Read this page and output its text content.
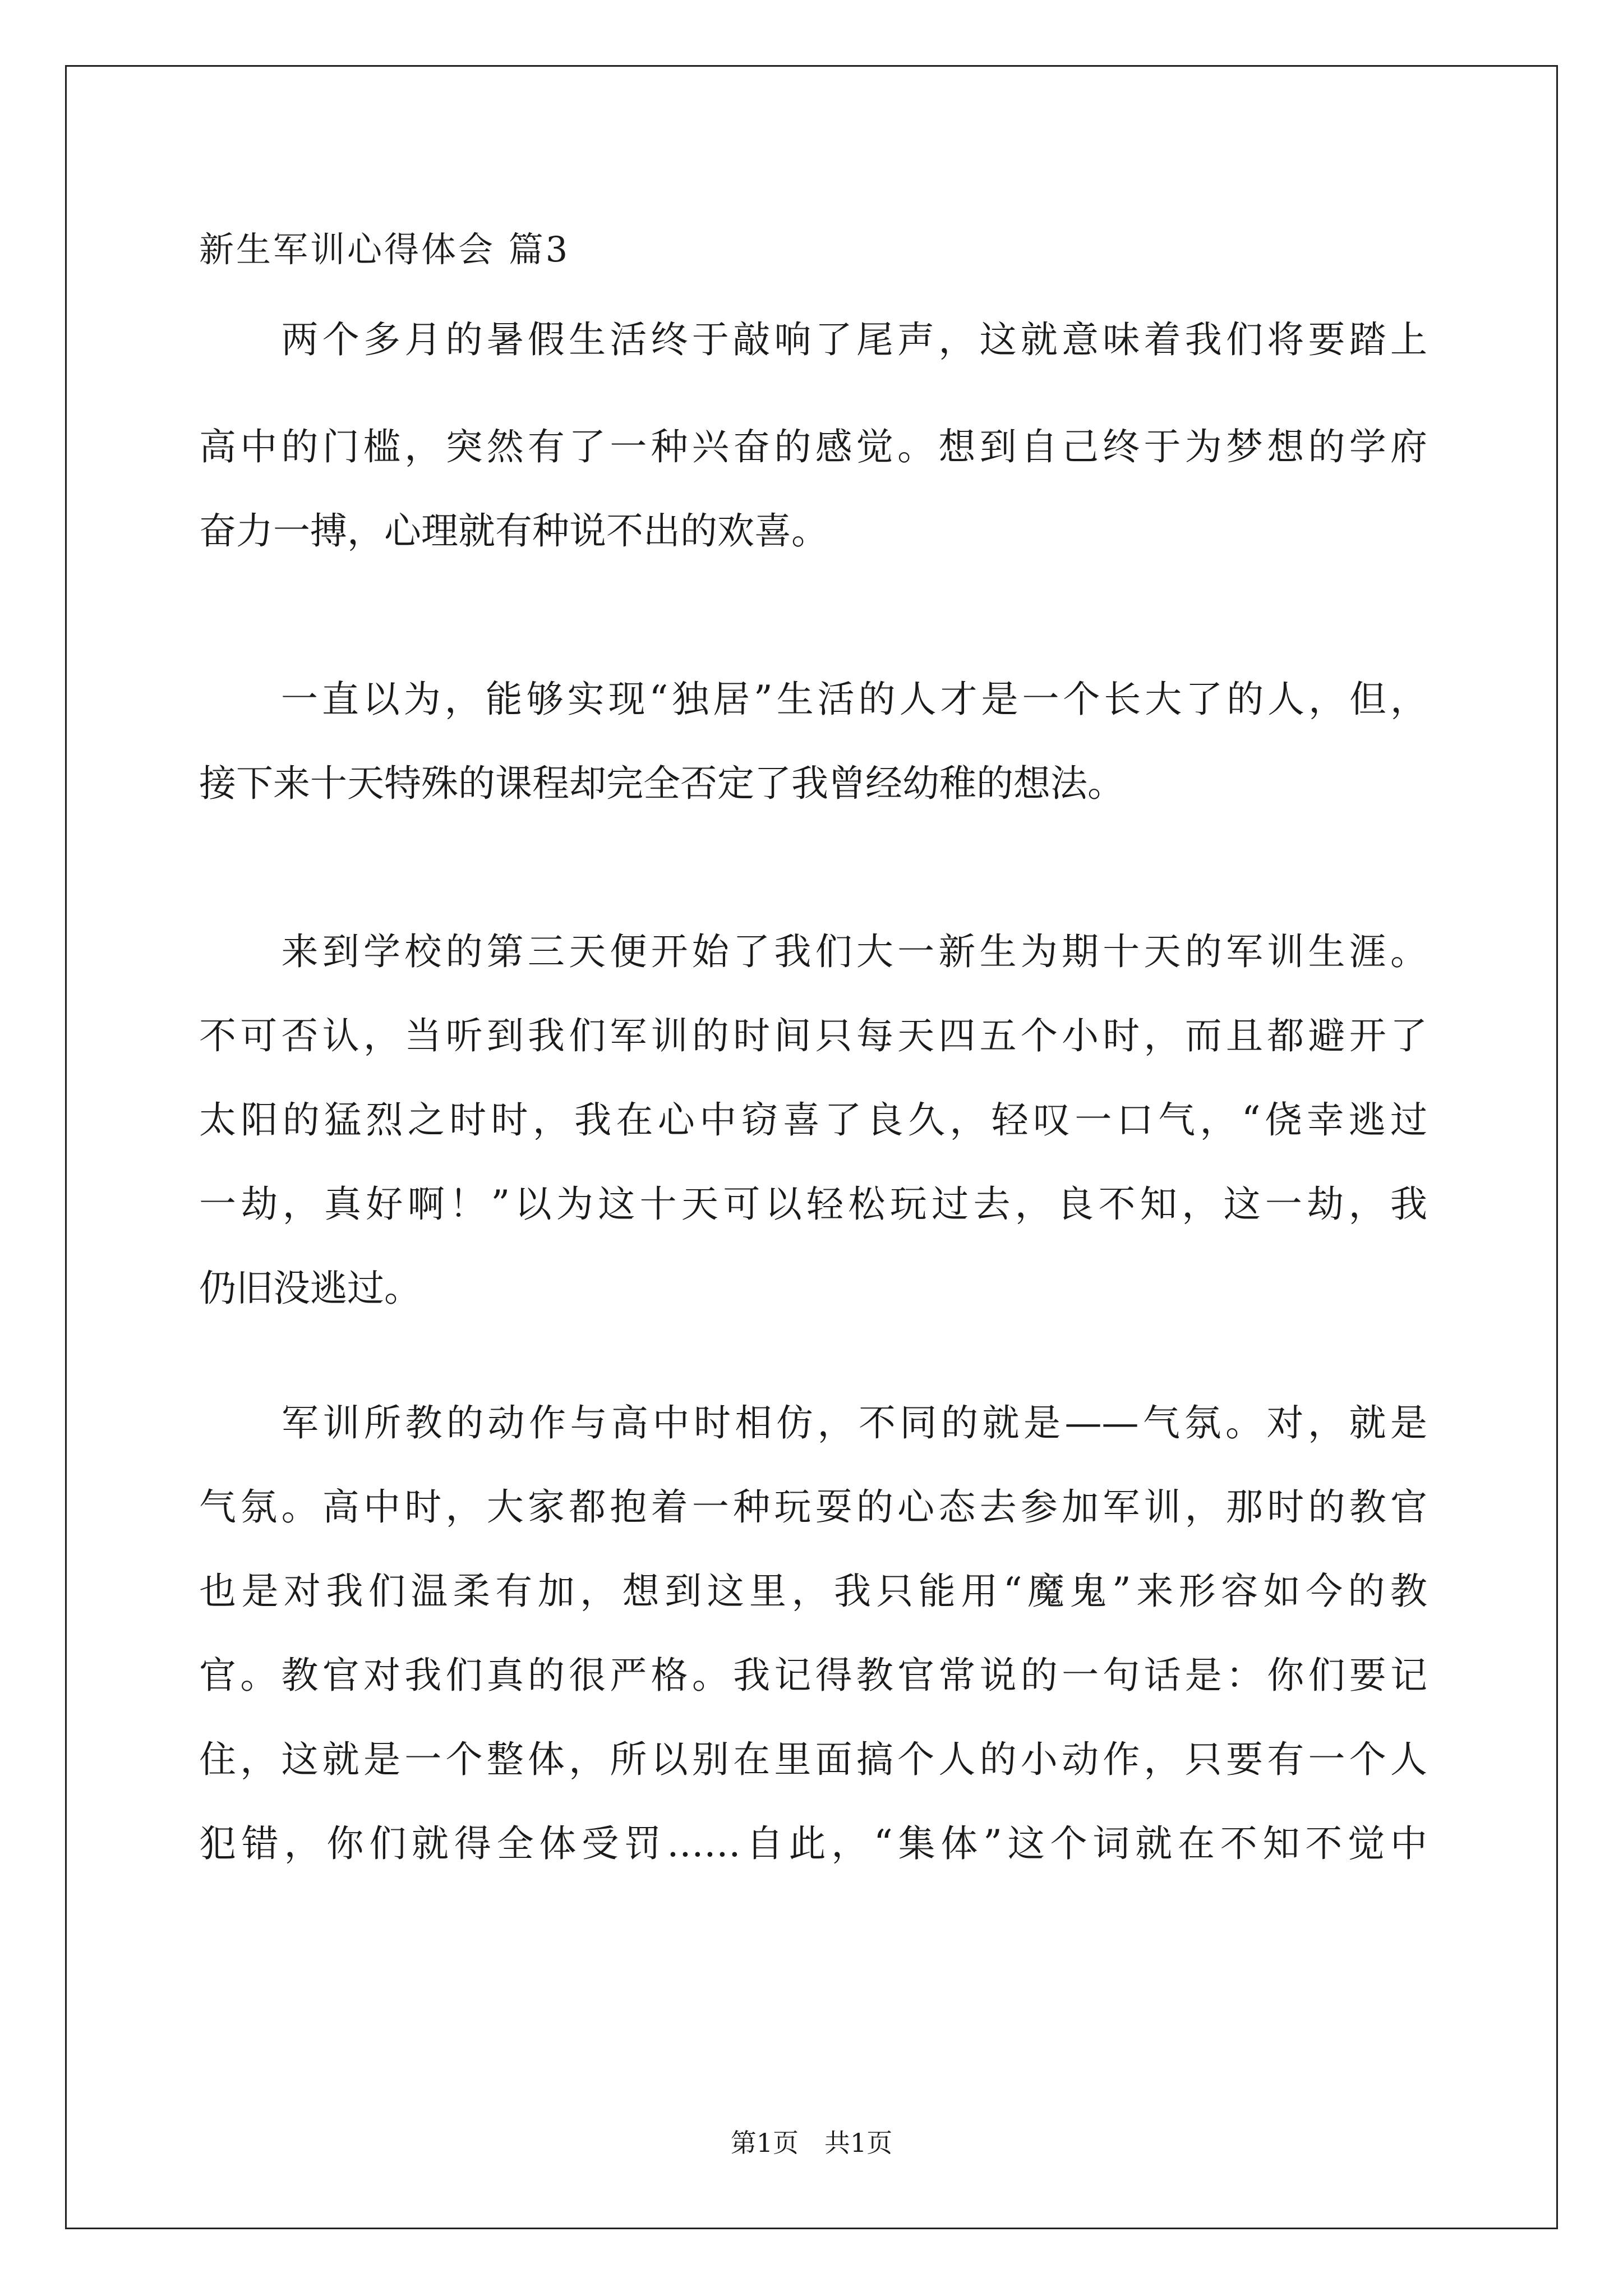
新生军训心得体会 篇3
　　两个多月的暑假生活终于敲响了尾声，这就意味着我们将要踏上
高中的门槛，突然有了一种兴奋的感觉。想到自己终于为梦想的学府
奋力一搏，心理就有种说不出的欢喜。
　　一直以为，能够实现“独居”生活的人才是一个长大了的人，但，
接下来十天特殊的课程却完全否定了我曾经幼稚的想法。
　　来到学校的第三天便开始了我们大一新生为期十天的军训生涯。
不可否认，当听到我们军训的时间只每天四五个小时，而且都避开了
太阳的猛烈之时时，我在心中窃喜了良久，轻叹一口气，“侥幸逃过
一劫，真好啊！”以为这十天可以轻松玩过去，良不知，这一劫，我
仍旧没逃过。
　　军训所教的动作与高中时相仿，不同的就是——气氛。对，就是
气氛。高中时，大家都抱着一种玩耍的心态去参加军训，那时的教官
也是对我们温柔有加，想到这里，我只能用“魔鬼”来形容如今的教
官。教官对我们真的很严格。我记得教官常说的一句话是：你们要记
住，这就是一个整体，所以别在里面搞个人的小动作，只要有一个人
犯错，你们就得全体受罚……自此，“集体”这个词就在不知不觉中
第1页　共1页
